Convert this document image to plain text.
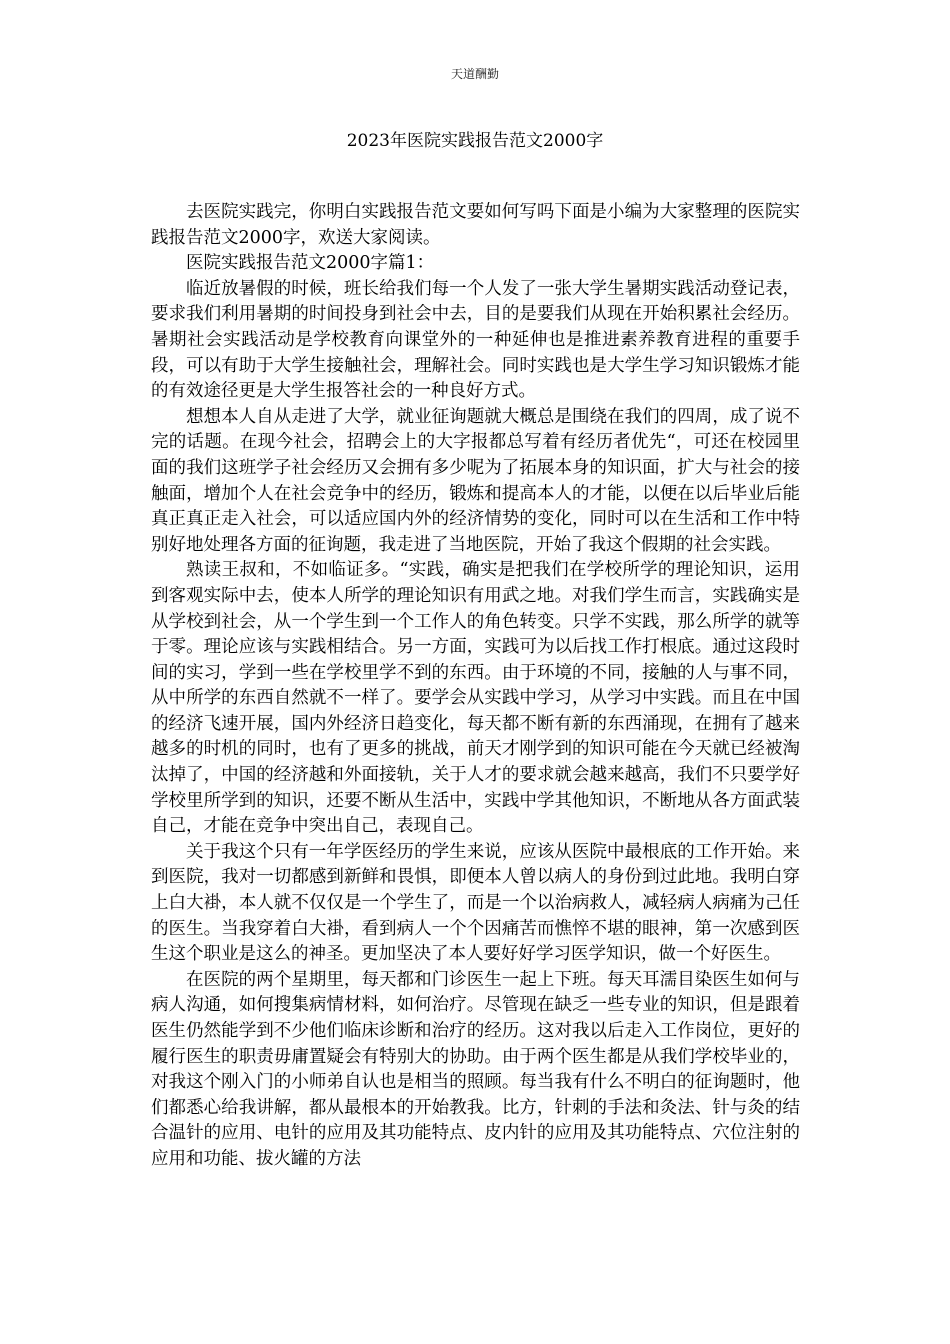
天道酬勤
2023年医院实践报告范文2000字

去医院实践完，你明白实践报告范文要如何写吗下面是小编为大家整理的医院实践报告范文2000字，欢送大家阅读。

医院实践报告范文2000字篇1：

临近放暑假的时候，班长给我们每一个人发了一张大学生暑期实践活动登记表，要求我们利用暑期的时间投身到社会中去，目的是要我们从现在开始积累社会经历。暑期社会实践活动是学校教育向课堂外的一种延伸也是推进素养教育进程的重要手段，可以有助于大学生接触社会，理解社会。同时实践也是大学生学习知识锻炼才能的有效途径更是大学生报答社会的一种良好方式。

想想本人自从走进了大学，就业征询题就大概总是围绕在我们的四周，成了说不完的话题。在现今社会，招聘会上的大字报都总写着有经历者优先“，可还在校园里面的我们这班学子社会经历又会拥有多少呢为了拓展本身的知识面，扩大与社会的接触面，增加个人在社会竞争中的经历，锻炼和提高本人的才能，以便在以后毕业后能真正真正走入社会，可以适应国内外的经济情势的变化，同时可以在生活和工作中特别好地处理各方面的征询题，我走进了当地医院，开始了我这个假期的社会实践。

熟读王叔和，不如临证多。“实践，确实是把我们在学校所学的理论知识，运用到客观实际中去，使本人所学的理论知识有用武之地。对我们学生而言，实践确实是从学校到社会，从一个学生到一个工作人的角色转变。只学不实践，那么所学的就等于零。理论应该与实践相结合。另一方面，实践可为以后找工作打根底。通过这段时间的实习，学到一些在学校里学不到的东西。由于环境的不同，接触的人与事不同，从中所学的东西自然就不一样了。要学会从实践中学习，从学习中实践。而且在中国的经济飞速开展，国内外经济日趋变化，每天都不断有新的东西涌现，在拥有了越来越多的时机的同时，也有了更多的挑战，前天才刚学到的知识可能在今天就已经被淘汰掉了，中国的经济越和外面接轨，关于人才的要求就会越来越高，我们不只要学好学校里所学到的知识，还要不断从生活中，实践中学其他知识，不断地从各方面武装自己，才能在竞争中突出自己，表现自己。

关于我这个只有一年学医经历的学生来说，应该从医院中最根底的工作开始。来到医院，我对一切都感到新鲜和畏惧，即便本人曾以病人的身份到过此地。我明白穿上白大褂，本人就不仅仅是一个学生了，而是一个以治病救人，减轻病人病痛为己任的医生。当我穿着白大褂，看到病人一个个因痛苦而憔悴不堪的眼神，第一次感到医生这个职业是这么的神圣。更加坚决了本人要好好学习医学知识，做一个好医生。

在医院的两个星期里，每天都和门诊医生一起上下班。每天耳濡目染医生如何与病人沟通，如何搜集病情材料，如何治疗。尽管现在缺乏一些专业的知识，但是跟着医生仍然能学到不少他们临床诊断和治疗的经历。这对我以后走入工作岗位，更好的履行医生的职责毋庸置疑会有特别大的协助。由于两个医生都是从我们学校毕业的，对我这个刚入门的小师弟自认也是相当的照顾。每当我有什么不明白的征询题时，他们都悉心给我讲解，都从最根本的开始教我。比方，针刺的手法和灸法、针与灸的结合温针的应用、电针的应用及其功能特点、皮内针的应用及其功能特点、穴位注射的应用和功能、拔火罐的方法
